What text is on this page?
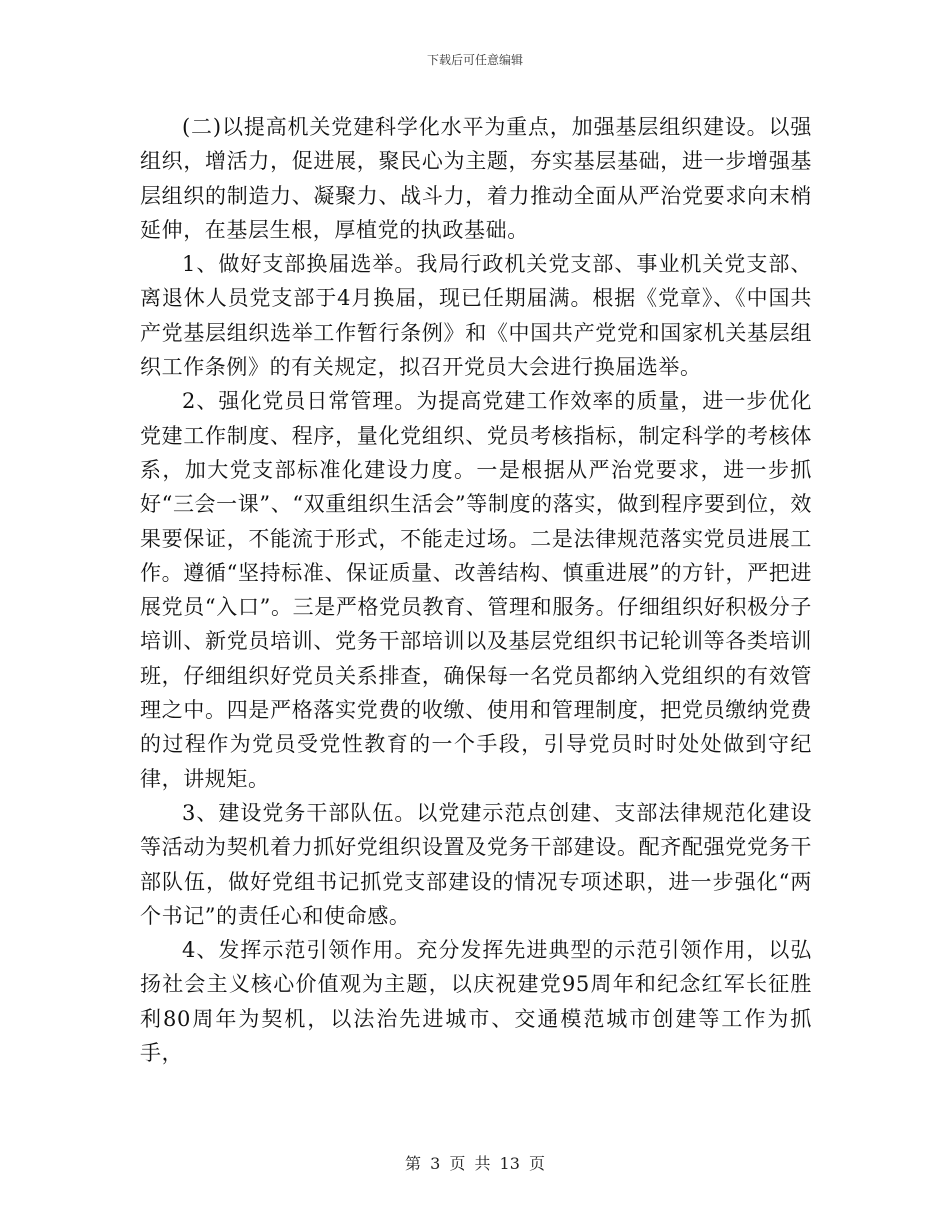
下载后可任意编辑

(二)以提高机关党建科学化水平为重点，加强基层组织建设。以强组织，增活力，促进展，聚民心为主题，夯实基层基础，进一步增强基层组织的制造力、凝聚力、战斗力，着力推动全面从严治党要求向末梢延伸，在基层生根，厚植党的执政基础。

1、做好支部换届选举。我局行政机关党支部、事业机关党支部、离退休人员党支部于4月换届，现已任期届满。根据《党章》、《中国共产党基层组织选举工作暂行条例》和《中国共产党党和国家机关基层组织工作条例》的有关规定，拟召开党员大会进行换届选举。

2、强化党员日常管理。为提高党建工作效率的质量，进一步优化党建工作制度、程序，量化党组织、党员考核指标，制定科学的考核体系，加大党支部标准化建设力度。一是根据从严治党要求，进一步抓好“三会一课”、“双重组织生活会”等制度的落实，做到程序要到位，效果要保证，不能流于形式，不能走过场。二是法律规范落实党员进展工作。遵循“坚持标准、保证质量、改善结构、慎重进展”的方针，严把进展党员“入口”。三是严格党员教育、管理和服务。仔细组织好积极分子培训、新党员培训、党务干部培训以及基层党组织书记轮训等各类培训班，仔细组织好党员关系排查，确保每一名党员都纳入党组织的有效管理之中。四是严格落实党费的收缴、使用和管理制度，把党员缴纳党费的过程作为党员受党性教育的一个手段，引导党员时时处处做到守纪律，讲规矩。

3、建设党务干部队伍。以党建示范点创建、支部法律规范化建设等活动为契机着力抓好党组织设置及党务干部建设。配齐配强党党务干部队伍，做好党组书记抓党支部建设的情况专项述职，进一步强化“两个书记”的责任心和使命感。

4、发挥示范引领作用。充分发挥先进典型的示范引领作用，以弘扬社会主义核心价值观为主题，以庆祝建党95周年和纪念红军长征胜利80周年为契机，以法治先进城市、交通模范城市创建等工作为抓手，

第 3 页 共 13 页
